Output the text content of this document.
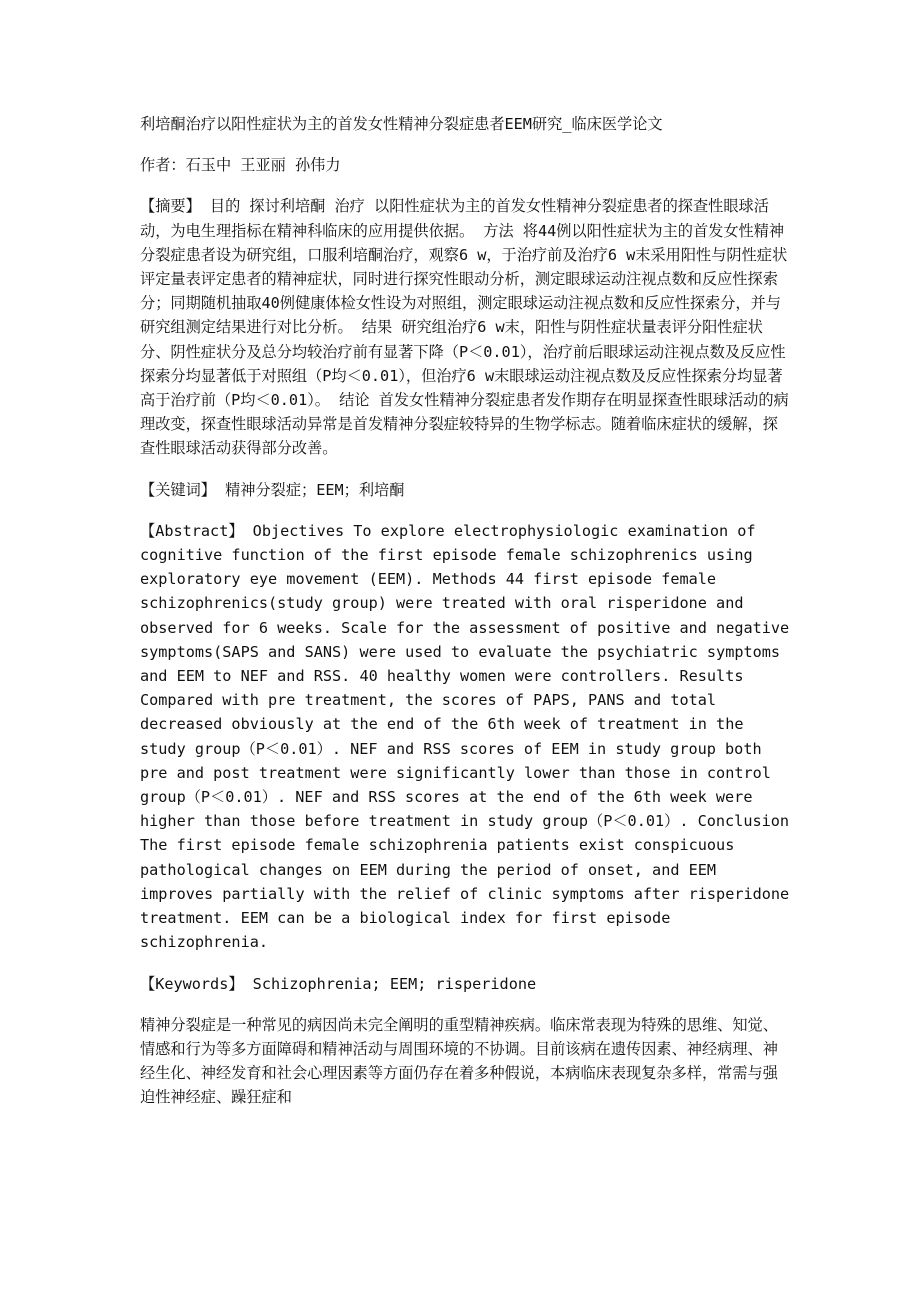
利培酮治疗以阳性症状为主的首发女性精神分裂症患者EEM研究_临床医学论文

作者：石玉中 王亚丽 孙伟力

【摘要】 目的 探讨利培酮 治疗 以阳性症状为主的首发女性精神分裂症患者的探查性眼球活动，为电生理指标在精神科临床的应用提供依据。 方法 将44例以阳性症状为主的首发女性精神分裂症患者设为研究组，口服利培酮治疗，观察6 w，于治疗前及治疗6 w末采用阳性与阴性症状评定量表评定患者的精神症状，同时进行探究性眼动分析，测定眼球运动注视点数和反应性探索分；同期随机抽取40例健康体检女性设为对照组，测定眼球运动注视点数和反应性探索分，并与研究组测定结果进行对比分析。 结果 研究组治疗6 w末，阳性与阴性症状量表评分阳性症状分、阴性症状分及总分均较治疗前有显著下降（P＜0.01），治疗前后眼球运动注视点数及反应性探索分均显著低于对照组（P均＜0.01），但治疗6 w末眼球运动注视点数及反应性探索分均显著高于治疗前（P均＜0.01）。 结论 首发女性精神分裂症患者发作期存在明显探查性眼球活动的病理改变，探查性眼球活动异常是首发精神分裂症较特异的生物学标志。随着临床症状的缓解，探查性眼球活动获得部分改善。

【关键词】 精神分裂症；EEM；利培酮

【Abstract】 Objectives To explore electrophysiologic examination of cognitive function of the first episode female schizophrenics using exploratory eye movement (EEM). Methods 44 first episode female schizophrenics(study group) were treated with oral risperidone and observed for 6 weeks. Scale for the assessment of positive and negative symptoms(SAPS and SANS) were used to evaluate the psychiatric symptoms and EEM to NEF and RSS. 40 healthy women were controllers. Results Compared with pre treatment, the scores of PAPS, PANS and total decreased obviously at the end of the 6th week of treatment in the study group（P＜0.01）. NEF and RSS scores of EEM in study group both pre and post treatment were significantly lower than those in control group（P＜0.01）. NEF and RSS scores at the end of the 6th week were higher than those before treatment in study group（P＜0.01）. Conclusion The first episode female schizophrenia patients exist conspicuous pathological changes on EEM during the period of onset, and EEM improves partially with the relief of clinic symptoms after risperidone treatment. EEM can be a biological index for first episode schizophrenia.

【Keywords】 Schizophrenia; EEM; risperidone

精神分裂症是一种常见的病因尚未完全阐明的重型精神疾病。临床常表现为特殊的思维、知觉、情感和行为等多方面障碍和精神活动与周围环境的不协调。目前该病在遗传因素、神经病理、神经生化、神经发育和社会心理因素等方面仍存在着多种假说，本病临床表现复杂多样，常需与强迫性神经症、躁狂症和
